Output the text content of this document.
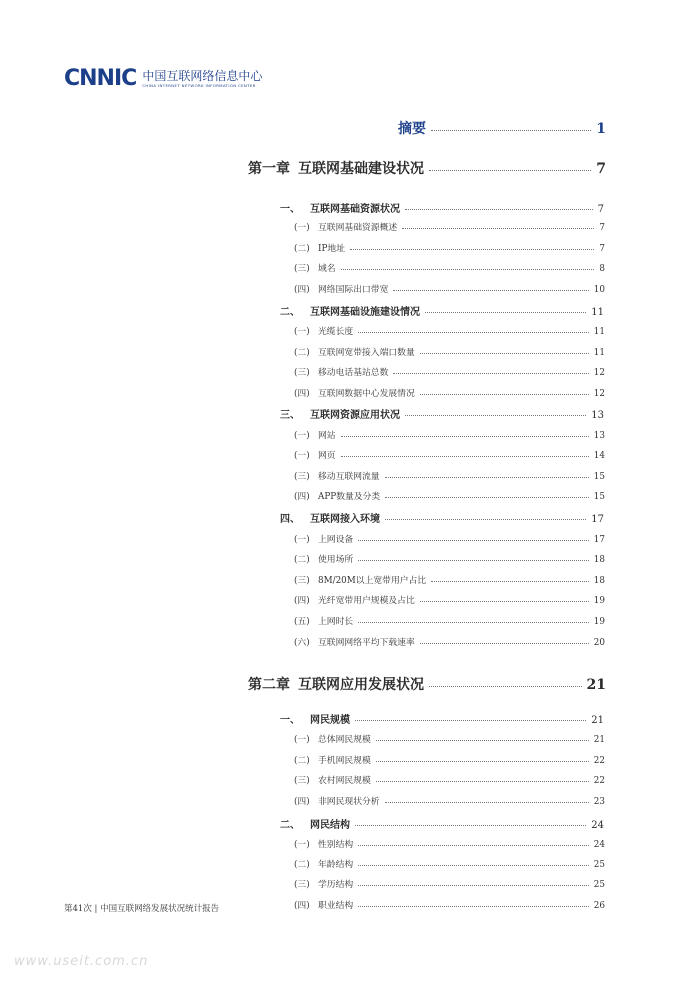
CNNIC 中国互联网络信息中心
CHINA INTERNET NETWORK INFORMATION CENTER
摘要	1
第一章 互联网基础建设状况	7
一、	互联网基础资源状况	7
(一) 互联网基础资源概述	7
(二) IP地址	7
(三) 域名	8
(四) 网络国际出口带宽	10
二、	互联网基础设施建设情况	11
(一) 光缆长度	11
(二) 互联网宽带接入端口数量	11
(三) 移动电话基站总数	12
(四) 互联网数据中心发展情况	12
三、	互联网资源应用状况	13
(一) 网站	13
(一) 网页	14
(三) 移动互联网流量	15
(四) APP数量及分类	15
四、	互联网接入环境	17
(一) 上网设备	17
(二) 使用场所	18
(三) 8M/20M以上宽带用户占比	18
(四) 光纤宽带用户规模及占比	19
(五) 上网时长	19
(六) 互联网网络平均下载速率	20
第二章 互联网应用发展状况	21
一、	网民规模	21
(一) 总体网民规模	21
(二) 手机网民规模	22
(三) 农村网民规模	22
(四) 非网民现状分析	23
二、	网民结构	24
(一) 性别结构	24
(二) 年龄结构	25
(三) 学历结构	25
(四) 职业结构	26
第41次 | 中国互联网络发展状况统计报告
www.useit.com.cn
